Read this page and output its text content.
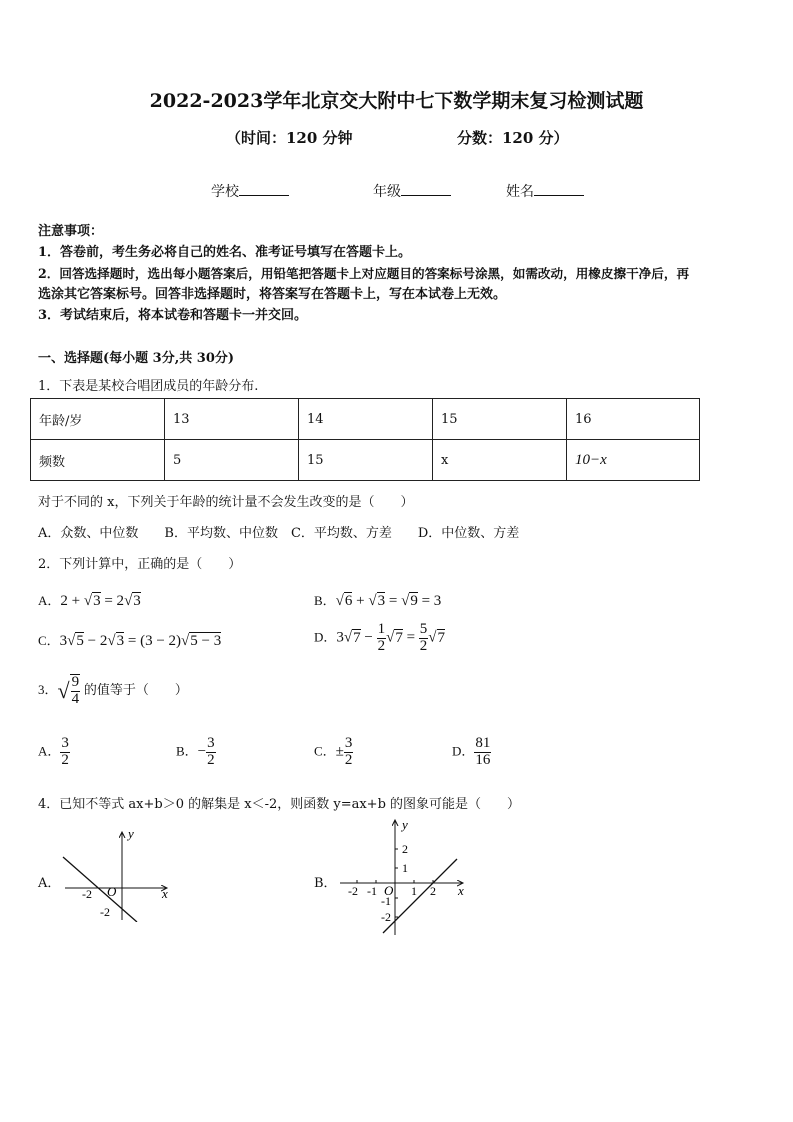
2022-2023学年北京交大附中七下数学期末复习检测试题
（时间：120 分钟	分数：120 分）
学校	年级	姓名
注意事项：
1．答卷前，考生务必将自己的姓名、准考证号填写在答题卡上。
2．回答选择题时，选出每小题答案后，用铅笔把答题卡上对应题目的答案标号涂黑，如需改动，用橡皮擦干净后，再
选涂其它答案标号。回答非选择题时，将答案写在答题卡上，写在本试卷上无效。
3．考试结束后，将本试卷和答题卡一并交回。
一、选择题(每小题 3分,共 30分)
1．下表是某校合唱团成员的年龄分布.
年龄/岁	13	14	15	16
频数	5	15	x	10−x
对于不同的 x，下列关于年龄的统计量不会发生改变的是（　　）
A．众数、中位数　　B．平均数、中位数　C．平均数、方差　　D．中位数、方差
2．下列计算中，正确的是（　　）
A．2 + √3 = 2√3	B．√6 + √3 = √9 = 3
C．3√5 − 2√3 = (3 − 2)√5 − 3	D．$3√7 - \frac{1}{2} √7 = \frac{5}{2} √7$
3．√ $\frac{9}{4}$ 的值等于（　　）
A． $\frac{3}{2}$	B．− $\frac{3}{2}$	C．± $\frac{3}{2}$	D． $\frac{81}{16}$
4．已知不等式 ax+b＞0 的解集是 x＜-2，则函数 y=ax+b 的图象可能是（　　）
A．
y
x
O
-2
-2
B．
y
x
O
-2 -1	1 2
2
1
-1
-2
